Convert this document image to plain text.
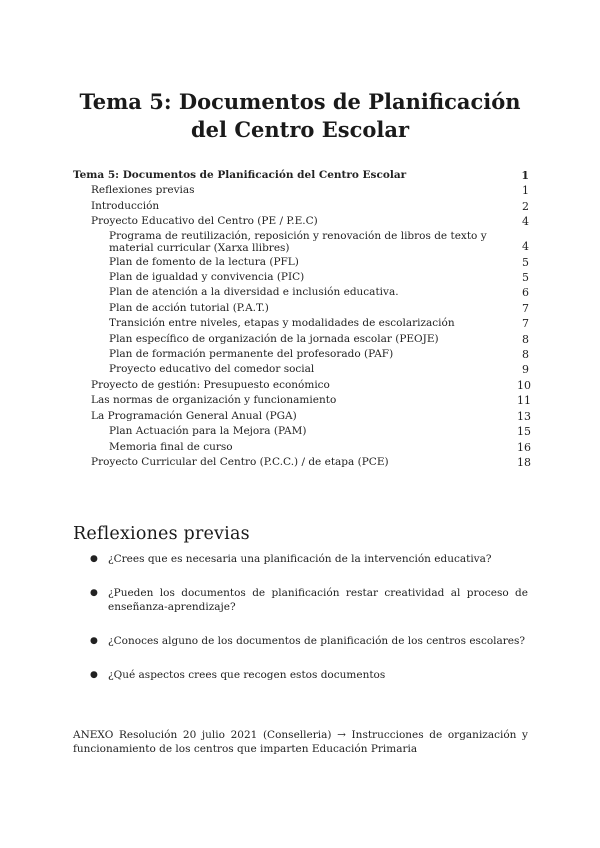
Tema 5: Documentos de Planificación del Centro Escolar
Tema 5: Documentos de Planificación del Centro Escolar	1
Reflexiones previas	1
Introducción	2
Proyecto Educativo del Centro (PE / P.E.C)	4
Programa de reutilización, reposición y renovación de libros de texto y material curricular (Xarxa llibres)	4
Plan de fomento de la lectura (PFL)	5
Plan de igualdad y convivencia (PIC)	5
Plan de atención a la diversidad e inclusión educativa.	6
Plan de acción tutorial (P.A.T.)	7
Transición entre niveles, etapas y modalidades de escolarización	7
Plan específico de organización de la jornada escolar (PEOJE)	8
Plan de formación permanente del profesorado (PAF)	8
Proyecto educativo del comedor social	9
Proyecto de gestión: Presupuesto económico	10
Las normas de organización y funcionamiento	11
La Programación General Anual (PGA)	13
Plan Actuación para la Mejora (PAM)	15
Memoria final de curso	16
Proyecto Curricular del Centro (P.C.C.) / de etapa (PCE)	18
Reflexiones previas
● ¿Crees que es necesaria una planificación de la intervención educativa?
● ¿Pueden los documentos de planificación restar creatividad al proceso de enseñanza-aprendizaje?
● ¿Conoces alguno de los documentos de planificación de los centros escolares?
● ¿Qué aspectos crees que recogen estos documentos
ANEXO Resolución 20 julio 2021 (Conselleria) → Instrucciones de organización y funcionamiento de los centros que imparten Educación Primaria
